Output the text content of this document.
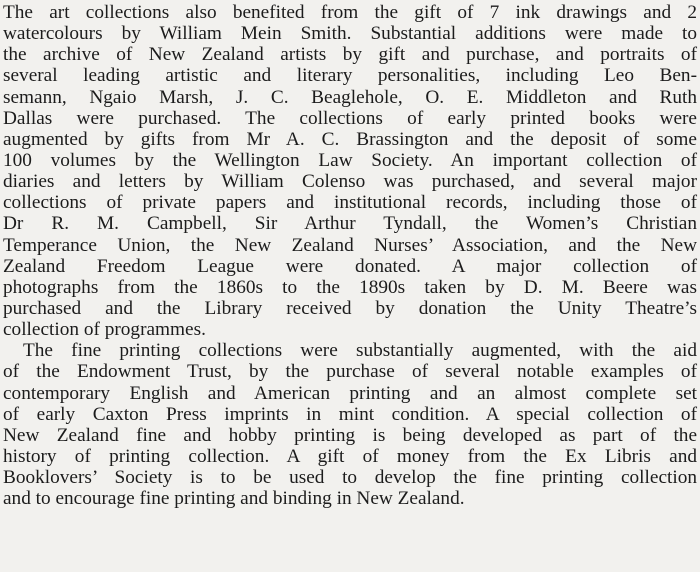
The art collections also benefited from the gift of 7 ink drawings and 2
watercolours by William Mein Smith. Substantial additions were made to
the archive of New Zealand artists by gift and purchase, and portraits of
several leading artistic and literary personalities, including Leo Ben-
semann, Ngaio Marsh, J. C. Beaglehole, O. E. Middleton and Ruth
Dallas were purchased. The collections of early printed books were
augmented by gifts from Mr A. C. Brassington and the deposit of some
100 volumes by the Wellington Law Society. An important collection of
diaries and letters by William Colenso was purchased, and several major
collections of private papers and institutional records, including those of
Dr R. M. Campbell, Sir Arthur Tyndall, the Women’s Christian
Temperance Union, the New Zealand Nurses’ Association, and the New
Zealand Freedom League were donated. A major collection of
photographs from the 1860s to the 1890s taken by D. M. Beere was
purchased and the Library received by donation the Unity Theatre’s
collection of programmes.
The fine printing collections were substantially augmented, with the aid
of the Endowment Trust, by the purchase of several notable examples of
contemporary English and American printing and an almost complete set
of early Caxton Press imprints in mint condition. A special collection of
New Zealand fine and hobby printing is being developed as part of the
history of printing collection. A gift of money from the Ex Libris and
Booklovers’ Society is to be used to develop the fine printing collection
and to encourage fine printing and binding in New Zealand.
